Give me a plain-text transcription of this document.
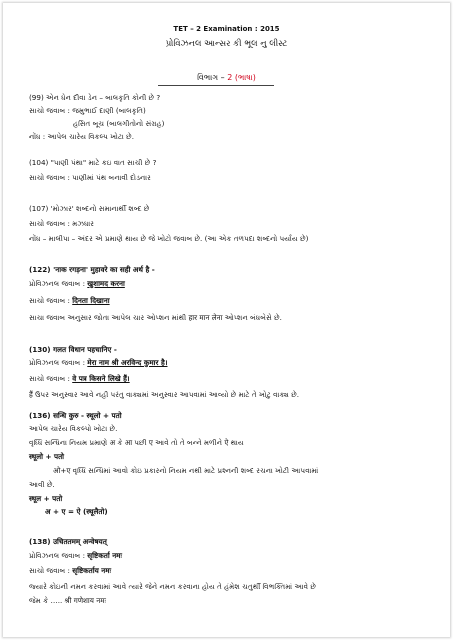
TET – 2 Examination : 2015
પ્રોવિઝનલ આન્સર કી ભૂલ નુ લીસ્ટ
વિભાગ – 2 (ભાષા)
(99) એન ધેન દીવા ડેન – બાલકૃતિ કોની છે ?
સાચો જવાબ : જમુભાઈ દાણી (બાલકૃતિ)
હસિત બૂચ (બાલગીતોનો સંગ્રહ)
નોંધ : આપેલ ચારેય વિકલ્પ ખોટા છે.
(104) "પાણી પંથા" માટે કઇ વાત સાચી છે ?
સાચો જવાબ : પાણીમાં પંથ બનાવી દોડનાર
(107) 'મોઝાર' શબ્દનો સમાનાર્થી શબ્દ છે
સાચો જવાબ : મઝધાર
નોંધ – માલીપા – અંદર એ પ્રમાણે થાય છે જે ખોટો જવાબ છે. (આ એક તળપદા શબ્દનો પર્યાય છે)
(122) 'नाक रगड़ना' मुहावरे का सही अर्थ है -
પ્રોવિઝનલ જવાબ : खुशामद करना
સાચો જવાબ : दिनता दिखाना
સાચા જવાબ અનુસાર જોતા આપેલ ચાર ઓપ્શન માંથી हार मान लेना ઓપ્શન બંધબેસે છે.
(130) गलत विधान पहचानिए -
પ્રોવિઝનલ જવાબ : मेरा नाम श्री अरविन्द कुमार है।
સાચો જવાબ : वे पत्र किसने लिखे हैं।
हैं ઉપર અનુસ્વાર આવે નહી પરંતુ વાક્યમાં અનુસ્વાર આપવામાં આવ્યો છે માટે તે ખોટુ વાક્ય છે.
(136) सन्धि कुरु - स्थूलो + पतो
આપેલ ચારેય વિકલ્પો ખોટા છે.
વૃધ્ધિ સન્ધિના નિયમ પ્રમાણે अ કે आ પછી ए આવે તો તે બન્ને મળીને ऐ થાય
स्थूलो + पतो
ओ+ए વૃધ્ધિ સન્ધિમાં આવો કોઇ પ્રકારનો નિયમ નથી માટે પ્રશ્નની શબ્દ રચના ખોટી આપવામાં
આવી છે.
स्थूल + पतो
अ + ए = ऐ (स्थूलैतो)
(138) उचिततमम् अन्वेषयत्
પ્રોવિઝનલ જવાબ : सृष्टिकर्ता नमः
સાચો જવાબ : सृष्टिकर्ताय नमः
જ્યારે કોઇની નમન કરવામાં આવે ત્યારે જેને નમન કરવાના હોય તે હંમેશ ચતુર્થી વિભક્તિમાં આવે છે
જેમ કે ….. श्री गणेशाय नमः
